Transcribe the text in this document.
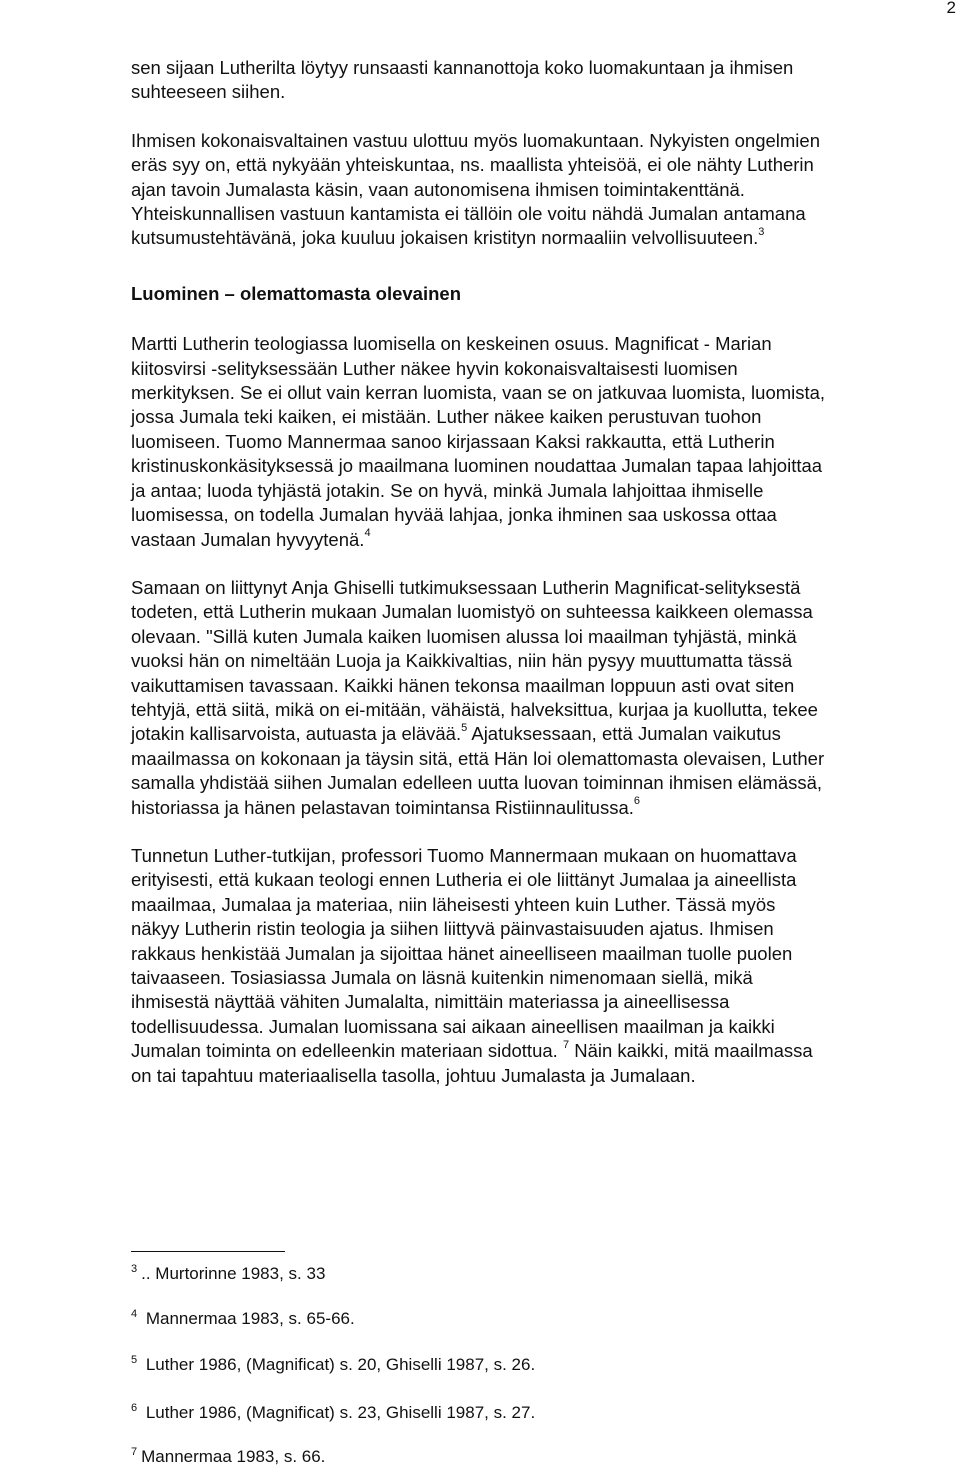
2

sen sijaan Lutherilta löytyy runsaasti kannanottoja koko luomakuntaan ja ihmisen
suhteeseen siihen.

Ihmisen kokonaisvaltainen vastuu ulottuu myös luomakuntaan. Nykyisten ongelmien
eräs syy on, että nykyään yhteiskuntaa, ns. maallista yhteisöä, ei ole nähty Lutherin
ajan tavoin Jumalasta käsin, vaan autonomisena ihmisen toimintakenttänä.
Yhteiskunnallisen vastuun kantamista ei tällöin ole voitu nähdä Jumalan antamana
kutsumustehtävänä, joka kuuluu jokaisen kristityn normaaliin velvollisuuteen.$^3$

Luominen – olemattomasta olevainen

Martti Lutherin teologiassa luomisella on keskeinen osuus. Magnificat - Marian
kiitosvirsi -selityksessään Luther näkee hyvin kokonaisvaltaisesti luomisen
merkityksen. Se ei ollut vain kerran luomista, vaan se on jatkuvaa luomista, luomista,
jossa Jumala teki kaiken, ei mistään. Luther näkee kaiken perustuvan tuohon
luomiseen. Tuomo Mannermaa sanoo kirjassaan Kaksi rakkautta, että Lutherin
kristinuskonkäsityksessä jo maailmana luominen noudattaa Jumalan tapaa lahjoittaa
ja antaa; luoda tyhjästä jotakin. Se on hyvä, minkä Jumala lahjoittaa ihmiselle
luomisessa, on todella Jumalan hyvää lahjaa, jonka ihminen saa uskossa ottaa
vastaan Jumalan hyvyytenä.$^4$

Samaan on liittynyt Anja Ghiselli tutkimuksessaan Lutherin Magnificat-selityksestä
todeten, että Lutherin mukaan Jumalan luomistyö on suhteessa kaikkeen olemassa
olevaan. "Sillä kuten Jumala kaiken luomisen alussa loi maailman tyhjästä, minkä
vuoksi hän on nimeltään Luoja ja Kaikkivaltias, niin hän pysyy muuttumatta tässä
vaikuttamisen tavassaan. Kaikki hänen tekonsa maailman loppuun asti ovat siten
tehtyjä, että siitä, mikä on ei-mitään, vähäistä, halveksittua, kurjaa ja kuollutta, tekee
jotakin kallisarvoista, autuasta ja elävää.$^5$ Ajatuksessaan, että Jumalan vaikutus
maailmassa on kokonaan ja täysin sitä, että Hän loi olemattomasta olevaisen, Luther
samalla yhdistää siihen Jumalan edelleen uutta luovan toiminnan ihmisen elämässä,
historiassa ja hänen pelastavan toimintansa Ristiinnaulitussa.$^6$

Tunnetun Luther-tutkijan, professori Tuomo Mannermaan mukaan on huomattava
erityisesti, että kukaan teologi ennen Lutheria ei ole liittänyt Jumalaa ja aineellista
maailmaa, Jumalaa ja materiaa, niin läheisesti yhteen kuin Luther. Tässä myös
näkyy Lutherin ristin teologia ja siihen liittyvä päinvastaisuuden ajatus. Ihmisen
rakkaus henkistää Jumalan ja sijoittaa hänet aineelliseen maailman tuolle puolen
taivaaseen. Tosiasiassa Jumala on läsnä kuitenkin nimenomaan siellä, mikä
ihmisestä näyttää vähiten Jumalalta, nimittäin materiassa ja aineellisessa
todellisuudessa. Jumalan luomissana sai aikaan aineellisen maailman ja kaikki
Jumalan toiminta on edelleenkin materiaan sidottua. $^7$ Näin kaikki, mitä maailmassa
on tai tapahtuu materiaalisella tasolla, johtuu Jumalasta ja Jumalaan.

$^3$ .. Murtorinne 1983, s. 33
$^4$ Mannermaa 1983, s. 65-66.
$^5$ Luther 1986, (Magnificat) s. 20, Ghiselli 1987, s. 26.
$^6$ Luther 1986, (Magnificat) s. 23, Ghiselli 1987, s. 27.
$^7$ Mannermaa 1983, s. 66.
